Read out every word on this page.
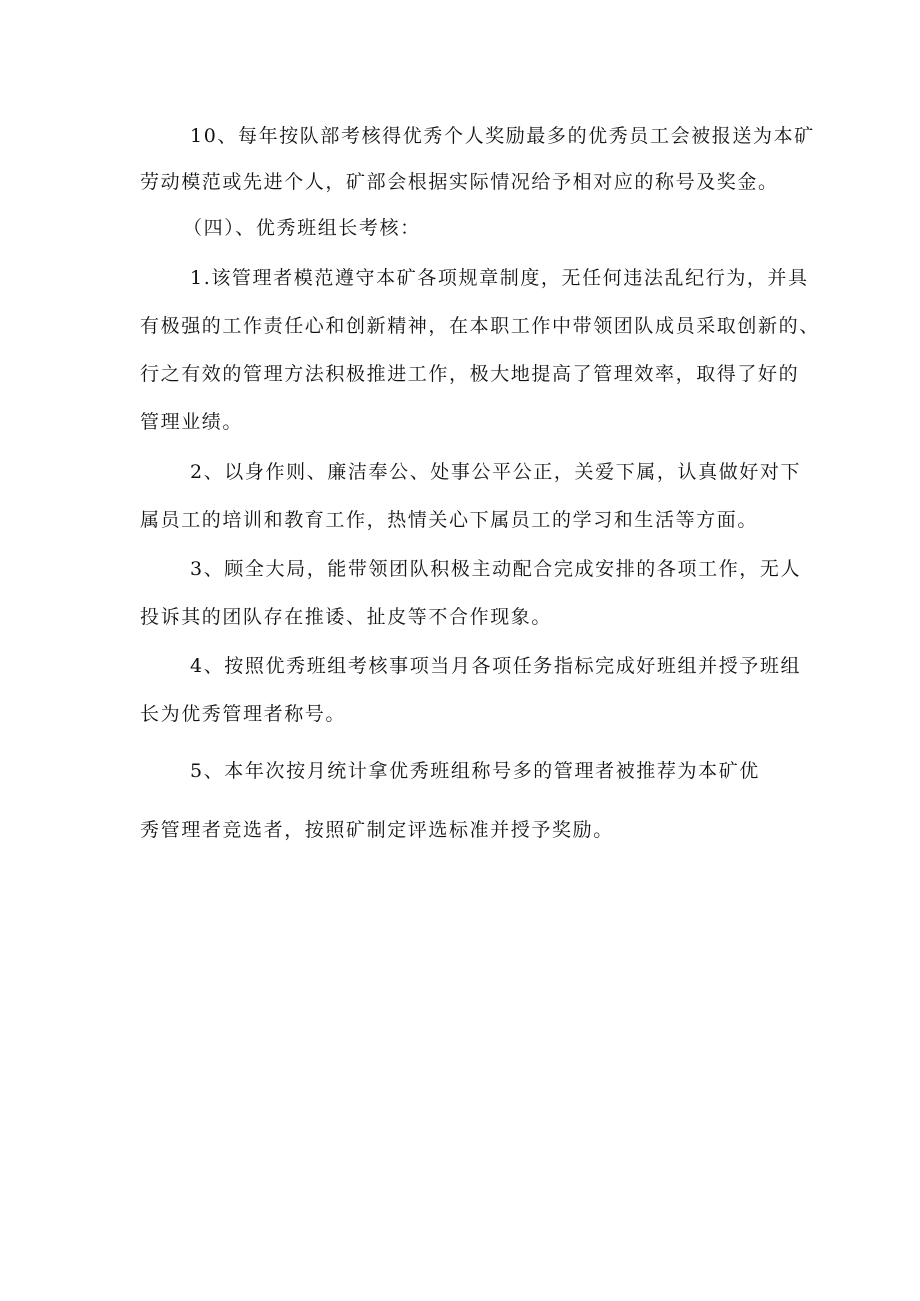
10、每年按队部考核得优秀个人奖励最多的优秀员工会被报送为本矿
劳动模范或先进个人，矿部会根据实际情况给予相对应的称号及奖金。
（四）、优秀班组长考核：
1.该管理者模范遵守本矿各项规章制度，无任何违法乱纪行为，并具
有极强的工作责任心和创新精神，在本职工作中带领团队成员采取创新的、
行之有效的管理方法积极推进工作，极大地提高了管理效率，取得了好的
管理业绩。
2、以身作则、廉洁奉公、处事公平公正，关爱下属，认真做好对下
属员工的培训和教育工作，热情关心下属员工的学习和生活等方面。
3、顾全大局，能带领团队积极主动配合完成安排的各项工作，无人
投诉其的团队存在推诿、扯皮等不合作现象。
4、按照优秀班组考核事项当月各项任务指标完成好班组并授予班组
长为优秀管理者称号。
5、本年次按月统计拿优秀班组称号多的管理者被推荐为本矿优
秀管理者竞选者，按照矿制定评选标准并授予奖励。
